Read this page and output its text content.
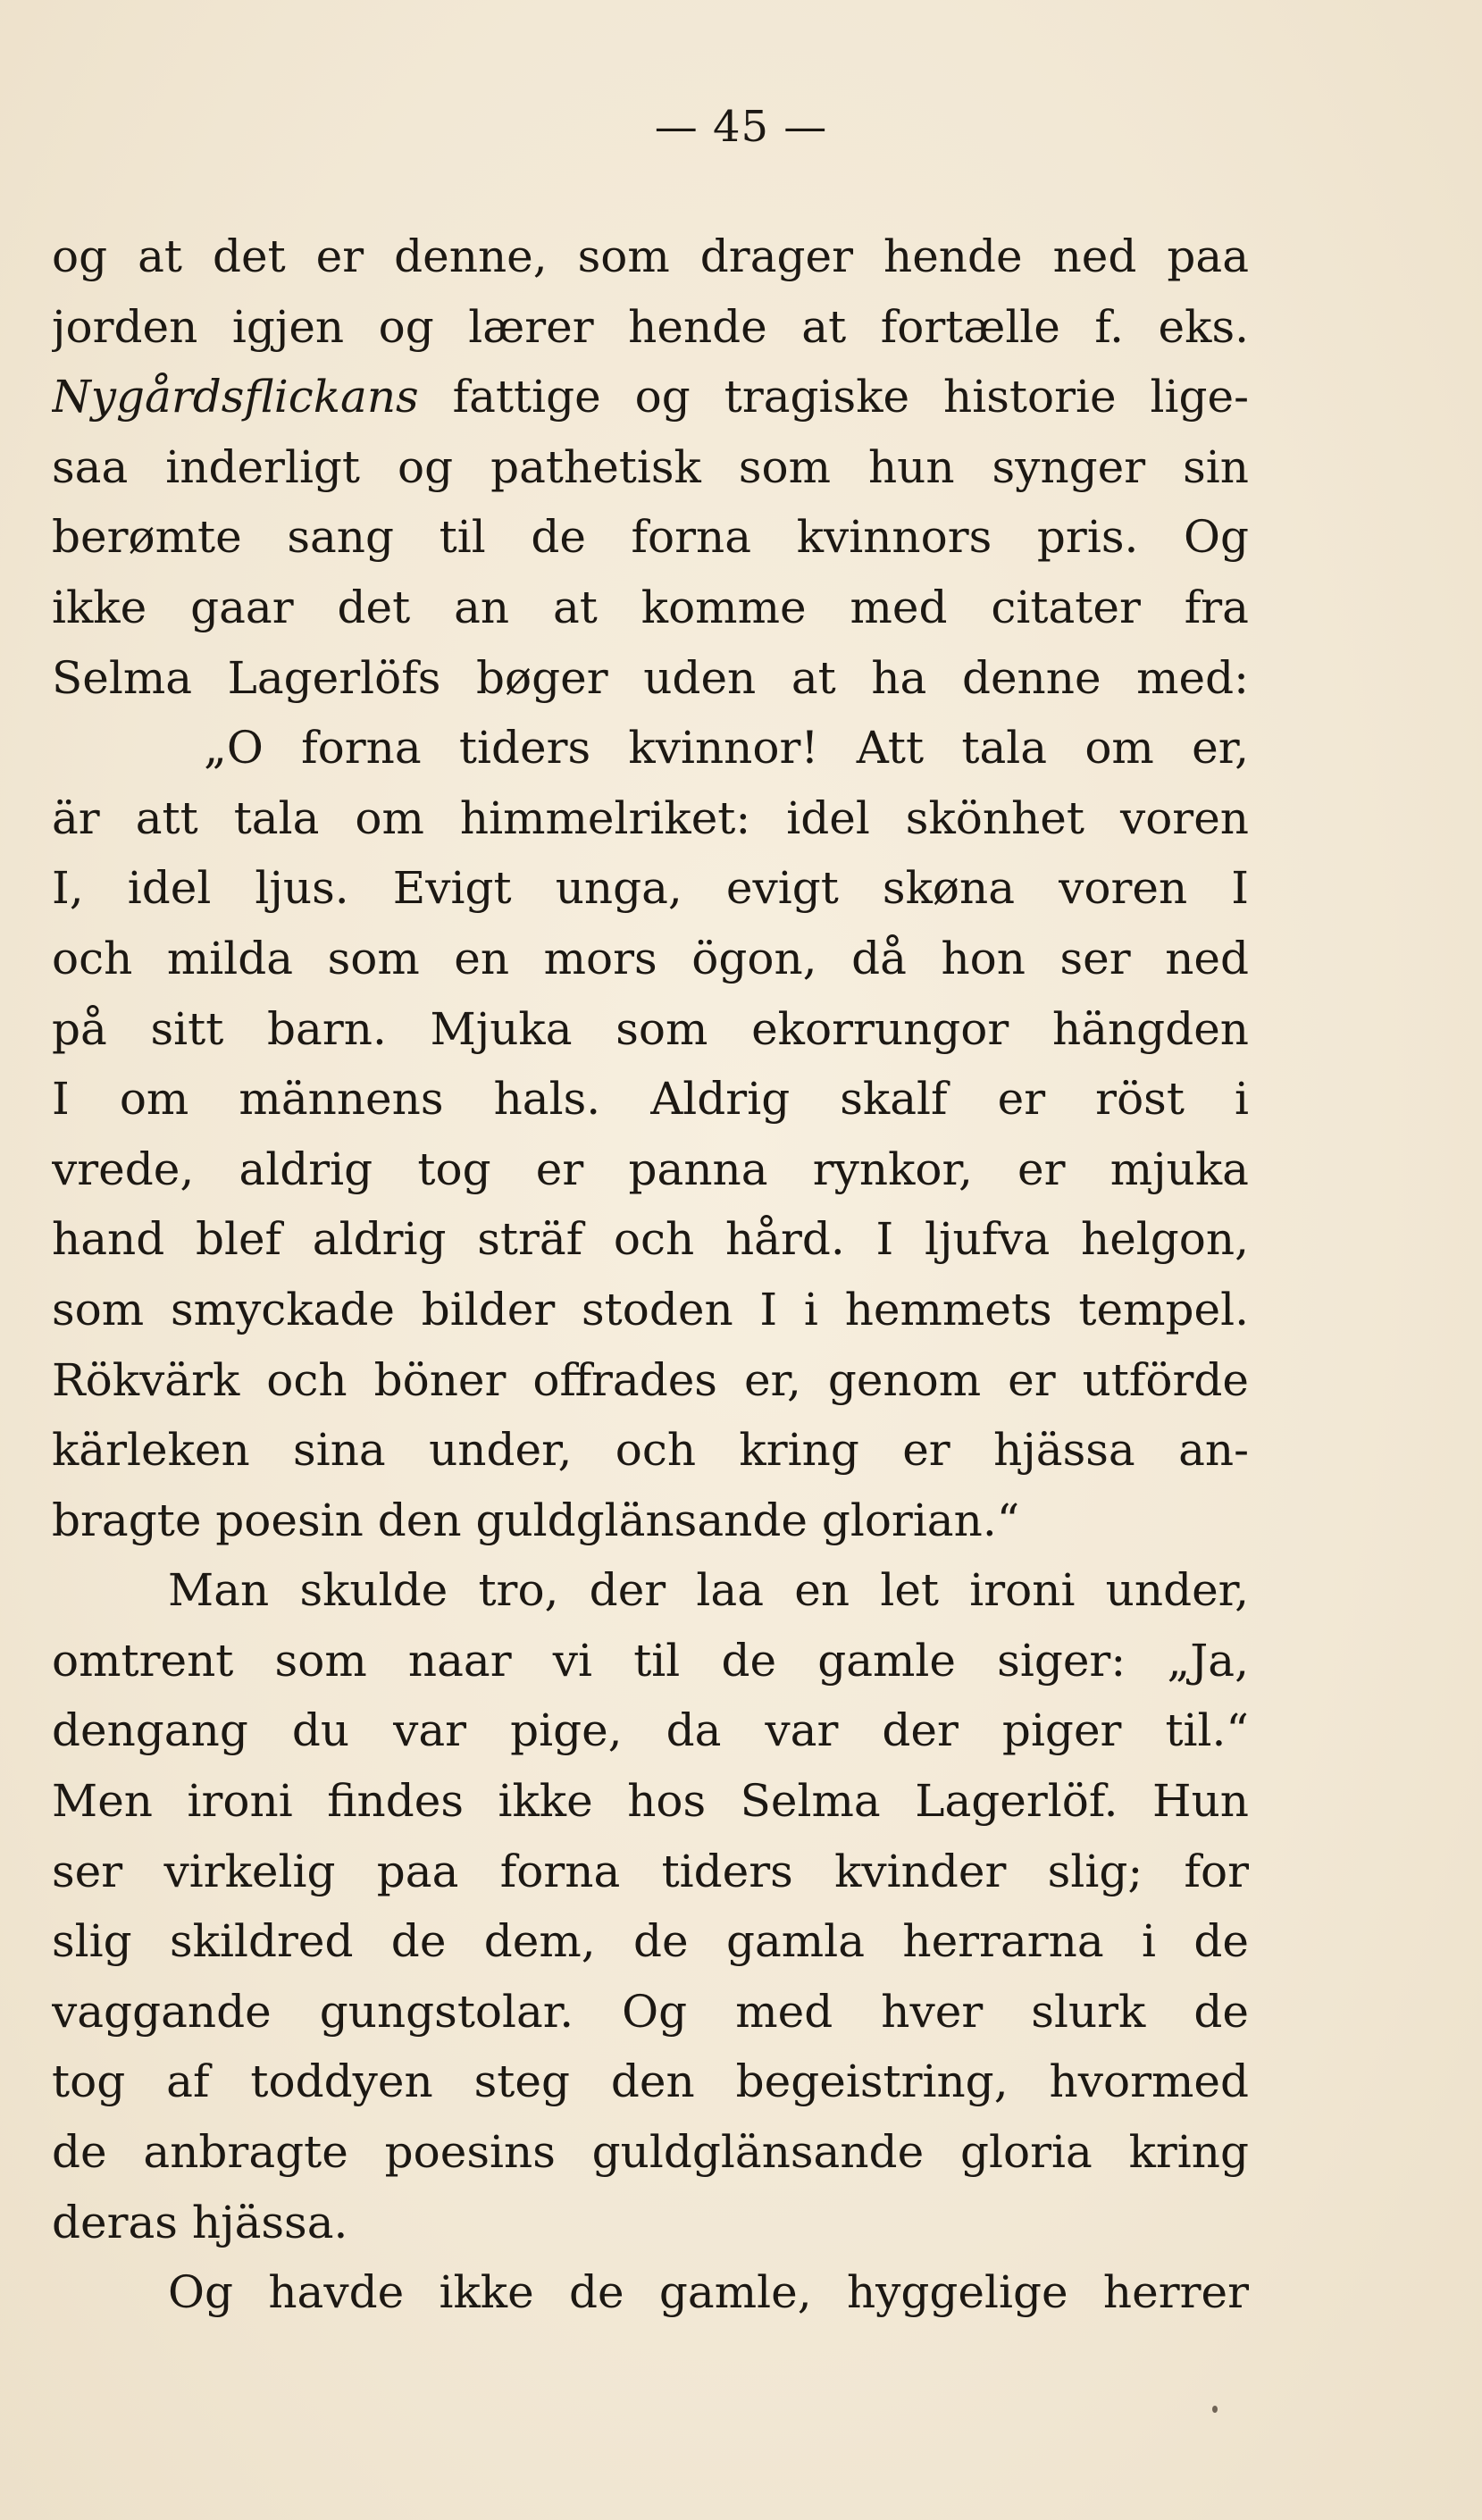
— 45 —
og at det er denne, som drager hende ned paa
jorden igjen og lærer hende at fortælle f. eks.
Nygårdsflickans fattige og tragiske historie lige-
saa inderligt og pathetisk som hun synger sin
berømte sang til de forna kvinnors pris. Og
ikke gaar det an at komme med citater fra
Selma Lagerlöfs bøger uden at ha denne med:
„O forna tiders kvinnor! Att tala om er,
är att tala om himmelriket: idel skönhet voren
I, idel ljus. Evigt unga, evigt skøna voren I
och milda som en mors ögon, då hon ser ned
på sitt barn. Mjuka som ekorrungor hängden
I om männens hals. Aldrig skalf er röst i
vrede, aldrig tog er panna rynkor, er mjuka
hand blef aldrig sträf och hård. I ljufva helgon,
som smyckade bilder stoden I i hemmets tempel.
Rökvärk och böner offrades er, genom er utförde
kärleken sina under, och kring er hjässa an-
bragte poesin den guldglänsande glorian.“
Man skulde tro, der laa en let ironi under,
omtrent som naar vi til de gamle siger: „Ja,
dengang du var pige, da var der piger til.“
Men ironi findes ikke hos Selma Lagerlöf. Hun
ser virkelig paa forna tiders kvinder slig; for
slig skildred de dem, de gamla herrarna i de
vaggande gungstolar. Og med hver slurk de
tog af toddyen steg den begeistring, hvormed
de anbragte poesins guldglänsande gloria kring
deras hjässa.
Og havde ikke de gamle, hyggelige herrer
